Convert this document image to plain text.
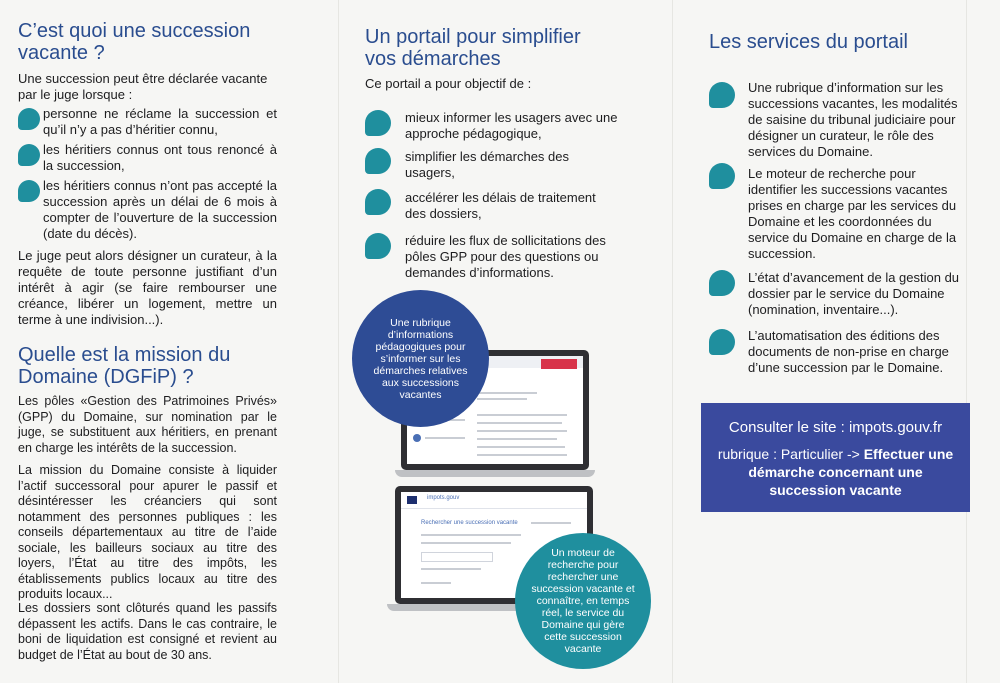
C’est quoi une succession vacante ?

Une succession peut être déclarée vacante par le juge lorsque :

personne ne réclame la succession et qu’il n’y a pas d’héritier connu,

les héritiers connus ont tous renoncé à la succession,

les héritiers connus n’ont pas accepté la succession après un délai de 6 mois à compter de l’ouverture de la succession (date du décès).

Le juge peut alors désigner un curateur, à la requête de toute personne justifiant d’un intérêt à agir (se faire rembourser une créance, libérer un logement, mettre un terme à une indivision...).

Quelle est la mission du Domaine (DGFiP) ?

Les pôles «Gestion des Patrimoines Privés» (GPP) du Domaine, sur nomination par le juge, se substituent aux héritiers, en prenant en charge les intérêts de la succession.

La mission du Domaine consiste à liquider l’actif successoral pour apurer le passif et désintéresser les créanciers qui sont notamment des personnes publiques : les conseils départementaux au titre de l’aide sociale, les bailleurs sociaux au titre des loyers, l’État au titre des impôts, les établissements publics locaux au titre des produits locaux...

Les dossiers sont clôturés quand les passifs dépassent les actifs. Dans le cas contraire, le boni de liquidation est consigné et revient au budget de l’État au bout de 30 ans.

Un portail pour simplifier vos démarches

Ce portail a pour objectif de :

mieux informer les usagers avec une approche pédagogique,

simplifier les démarches des usagers,

accélérer les délais de traitement des dossiers,

réduire les flux de sollicitations des pôles GPP pour des questions ou demandes d’informations.

Une rubrique d’informations pédagogiques pour s’informer sur les démarches relatives aux successions vacantes
impots.gouv
Rechercher une succession vacante
Un moteur de recherche pour rechercher une succession vacante et connaître, en temps réel, le service du Domaine qui gère cette succession vacante
Les services du portail

Une rubrique d’information sur les successions vacantes, les modalités de saisine du tribunal judiciaire pour désigner un curateur, le rôle des services du Domaine.

Le moteur de recherche pour identifier les successions vacantes prises en charge par les services du Domaine et les coordonnées du service du Domaine en charge de la succession.

L’état d’avancement de la gestion du dossier par le service du Domaine (nomination, inventaire...).

L’automatisation des éditions des documents de non-prise en charge d’une succession par le Domaine.

Consulter le site : impots.gouv.fr
rubrique : Particulier -> Effectuer une démarche concernant une succession vacante
